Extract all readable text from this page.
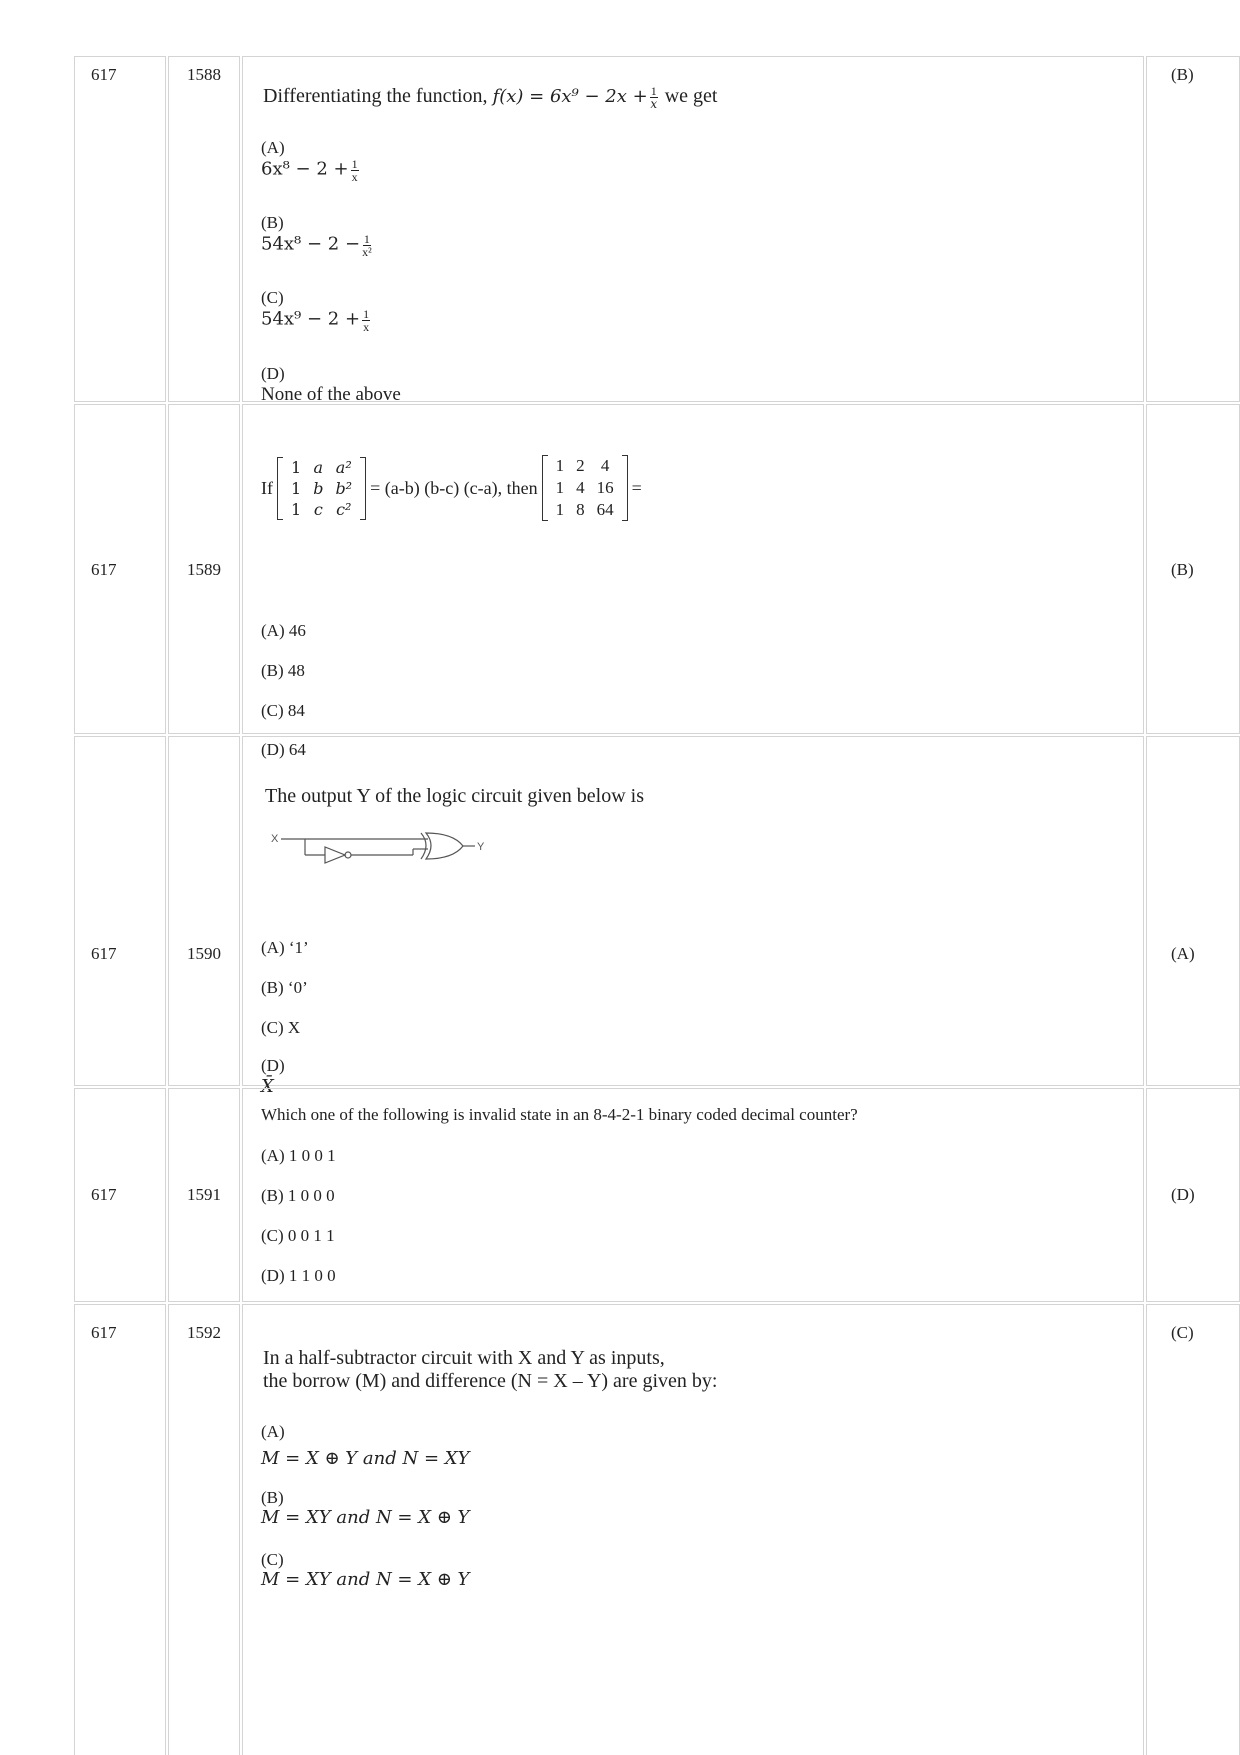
617	1588

Differentiating the function, $f(x) = 6x^9 - 2x + \frac{1}{x}$ we get

(A)

$6x^8 - 2 + \frac{1}{x}$

(B)

$54x^8 - 2 - \frac{1}{\text{x²}}$

(C)

$54x^9 - 2 + \frac{1}{x}$

(D)

None of the above

(B)
617	1589
If
1	a	a²
1	b	b²
1	c	c²
= (a-b) (b-c) (c-a), then
1	2	4
1	4	16
1	8	64
=

(A) 46

(B) 48

(C) 84

(D) 64

(B)
617	1590

The output Y of the logic circuit given below is

X
Y

(A) ‘1’

(B) ‘0’

(C) X

(D)

X̄

(A)
617	1591

Which one of the following is invalid state in an 8-4-2-1 binary coded decimal counter?

(A) 1 0 0 1

(B) 1 0 0 0

(C) 0 0 1 1

(D) 1 1 0 0

(D)
617	1592

In a half-subtractor circuit with X and Y as inputs,

the borrow (M) and difference (N = X – Y) are given by:

(A)

M = X ⊕ Y and N = XY

(B)

M = XY and N = X ⊕ Y

(C)

M = XY and N = X ⊕ Y

(C)
